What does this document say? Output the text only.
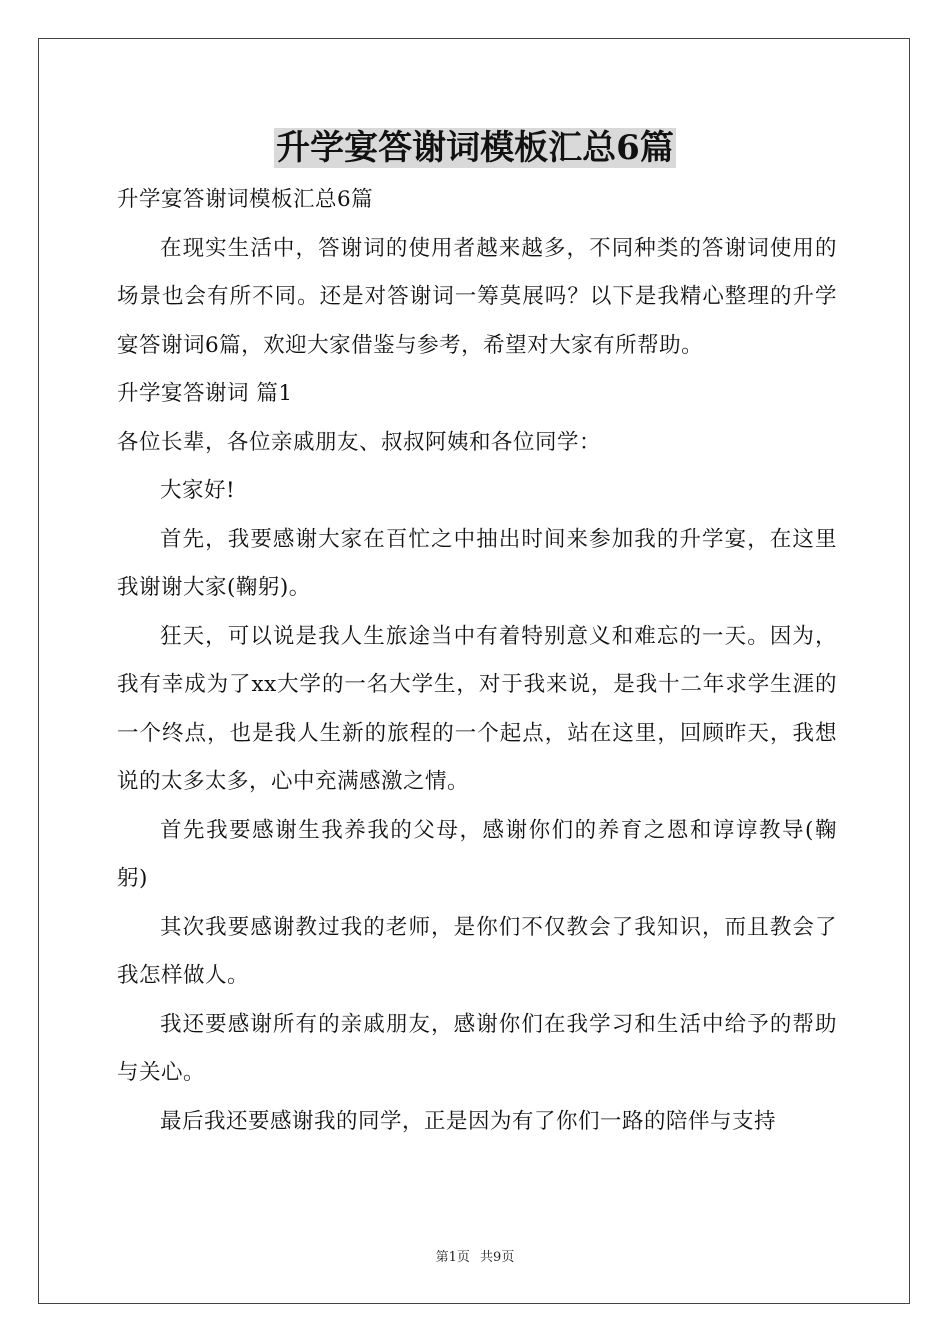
升学宴答谢词模板汇总6篇

升学宴答谢词模板汇总6篇

在现实生活中，答谢词的使用者越来越多，不同种类的答谢词使用的场景也会有所不同。还是对答谢词一筹莫展吗？以下是我精心整理的升学宴答谢词6篇，欢迎大家借鉴与参考，希望对大家有所帮助。

升学宴答谢词 篇1

各位长辈，各位亲戚朋友、叔叔阿姨和各位同学：

大家好!

首先，我要感谢大家在百忙之中抽出时间来参加我的升学宴，在这里我谢谢大家(鞠躬)。

狂天，可以说是我人生旅途当中有着特别意义和难忘的一天。因为，我有幸成为了xx大学的一名大学生，对于我来说，是我十二年求学生涯的一个终点，也是我人生新的旅程的一个起点，站在这里，回顾昨天，我想说的太多太多，心中充满感激之情。

首先我要感谢生我养我的父母，感谢你们的养育之恩和谆谆教导(鞠躬)

其次我要感谢教过我的老师，是你们不仅教会了我知识，而且教会了我怎样做人。

我还要感谢所有的亲戚朋友，感谢你们在我学习和生活中给予的帮助与关心。

最后我还要感谢我的同学，正是因为有了你们一路的陪伴与支持

第1页 共9页
